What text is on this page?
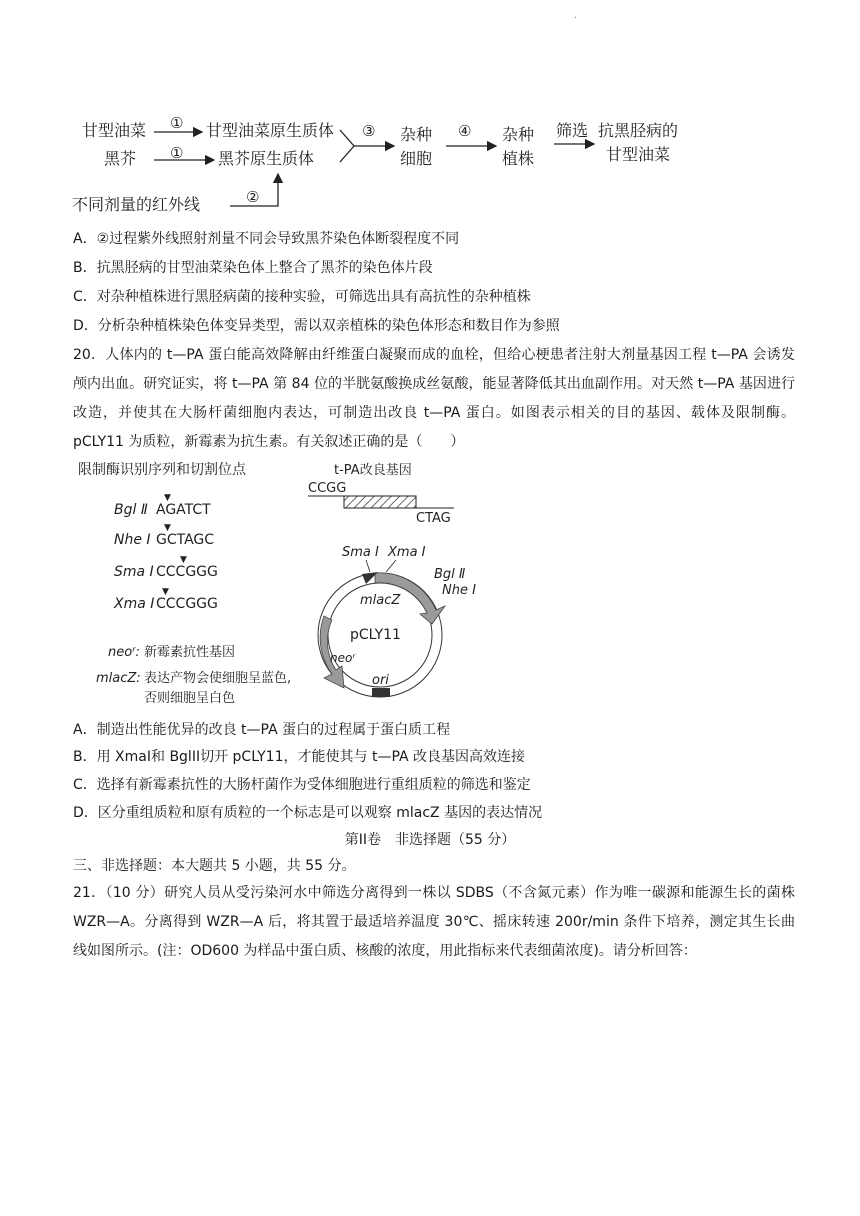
.
甘型油菜
黑芥
甘型油菜原生质体
黑芥原生质体
不同剂量的红外线
杂种
细胞
杂种
植株
筛选 抗黑胫病的
甘型油菜
①
①
②
③	④
A．②过程紫外线照射剂量不同会导致黑芥染色体断裂程度不同
B．抗黑胫病的甘型油菜染色体上整合了黑芥的染色体片段
C．对杂种植株进行黑胫病菌的接种实验，可筛选出具有高抗性的杂种植株
D．分析杂种植株染色体变异类型，需以双亲植株的染色体形态和数目作为参照
20．人体内的 t—PA 蛋白能高效降解由纤维蛋白凝聚而成的血栓，但给心梗患者注射大剂量基因工程 t—PA 会诱发颅内出血。研究证实，将 t—PA 第 84 位的半胱氨酸换成丝氨酸，能显著降低其出血副作用。对天然 t—PA 基因进行改造，并使其在大肠杆菌细胞内表达，可制造出改良 t—PA 蛋白。如图表示相关的目的基因、载体及限制酶。pCLY11 为质粒，新霉素为抗生素。有关叙述正确的是（　　）
限制酶识别序列和切割位点
▼
Bgl Ⅱ AGATCT
▼
Nhe Ⅰ GCTAGC
▼
Sma Ⅰ CCCGGG
▼
Xma Ⅰ CCCGGG
neoʳ: 新霉素抗性基因
mlacZ: 表达产物会使细胞呈蓝色,
否则细胞呈白色
t-PA改良基因
CCGG
CTAG
pCLY11
Sma Ⅰ Xma Ⅰ
Bgl Ⅱ
Nhe Ⅰ
mlacZ
neoʳ
ori
A．制造出性能优异的改良 t—PA 蛋白的过程属于蛋白质工程
B．用 XmaI和 BglII切开 pCLY11，才能使其与 t—PA 改良基因高效连接
C．选择有新霉素抗性的大肠杆菌作为受体细胞进行重组质粒的筛选和鉴定
D．区分重组质粒和原有质粒的一个标志是可以观察 mlacZ 基因的表达情况
第II卷　非选择题（55 分）
三、非选择题：本大题共 5 小题，共 55 分。
21．（10 分）研究人员从受污染河水中筛选分离得到一株以 SDBS（不含氮元素）作为唯一碳源和能源生长的菌株 WZR—A。分离得到 WZR—A 后，将其置于最适培养温度 30℃、摇床转速 200r/min 条件下培养，测定其生长曲线如图所示。(注：OD600 为样品中蛋白质、核酸的浓度，用此指标来代表细菌浓度)。请分析回答：
